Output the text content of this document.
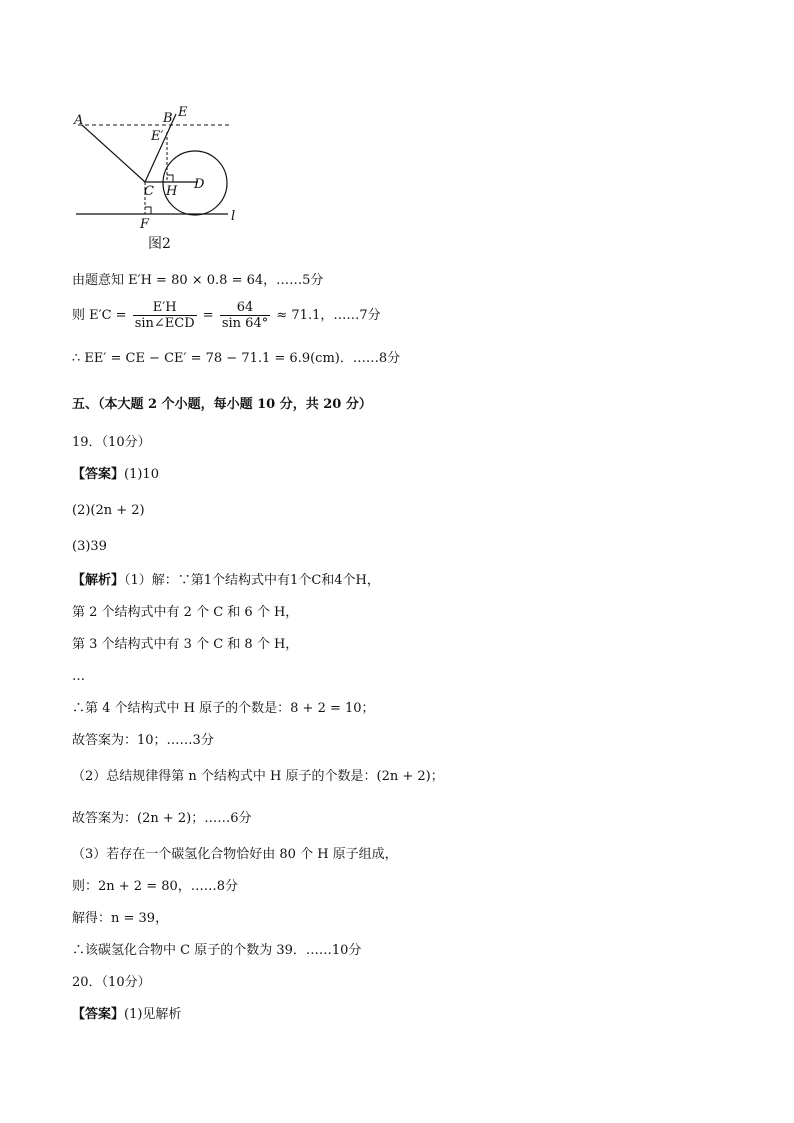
A	B E
E′
C H D
F
l
图2
由题意知 E′H = 80 × 0.8 = 64，……5分
则 $E'C = \frac{E'H}{\text{sin∠ECD}} = \frac{64}{\sin 64^\circ} \approx 71.1$，……7分
∴ EE′ = CE − CE′ = 78 − 71.1 = 6.9(cm)．……8分
五、（本大题 2 个小题，每小题 10 分，共 20 分）
19．（10分）
【答案】(1)10
(2)(2n + 2)
(3)39
【解析】（1）解：∵第1个结构式中有1个C和4个H，
第 2 个结构式中有 2 个 C 和 6 个 H，
第 3 个结构式中有 3 个 C 和 8 个 H，
…
∴第 4 个结构式中 H 原子的个数是：8 + 2 = 10；
故答案为：10；……3分
（2）总结规律得第 n 个结构式中 H 原子的个数是：(2n + 2)；
故答案为：(2n + 2)；……6分
（3）若存在一个碳氢化合物恰好由 80 个 H 原子组成，
则：2n + 2 = 80，……8分
解得：n = 39，
∴该碳氢化合物中 C 原子的个数为 39．……10分
20．（10分）
【答案】(1)见解析
